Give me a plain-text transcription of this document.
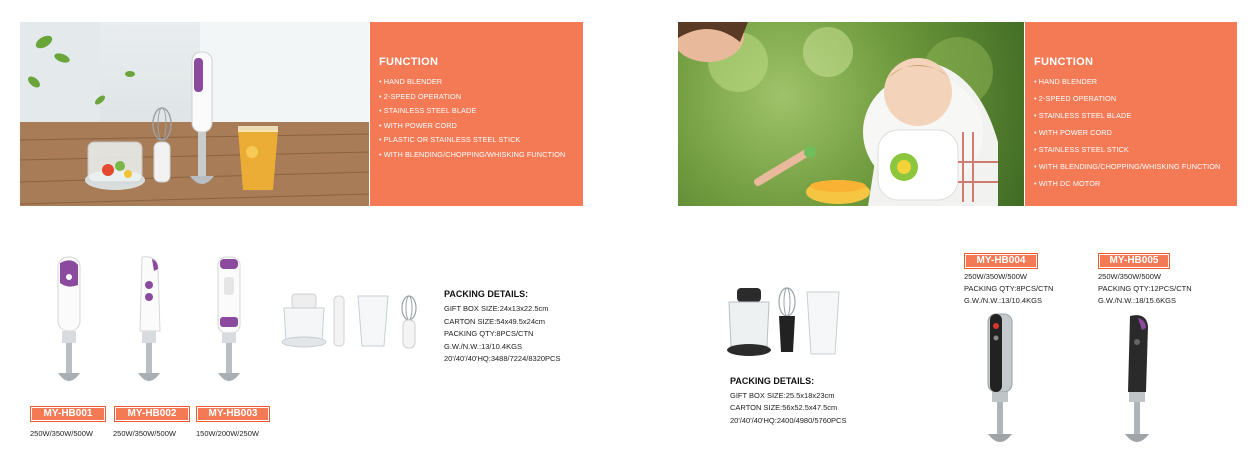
FUNCTION
• HAND BLENDER
• 2-SPEED OPERATION
• STAINLESS STEEL BLADE
• WITH POWER CORD
• PLASTIC OR STAINLESS STEEL STICK
• WITH BLENDING/CHOPPING/WHISKING FUNCTION
FUNCTION
• HAND BLENDER
• 2-SPEED OPERATION
• STAINLESS STEEL BLADE
• WITH POWER CORD
• STAINLESS STEEL STICK
• WITH BLENDING/CHOPPING/WHISKING FUNCTION
• WITH DC MOTOR
MY-HB001	MY-HB002	MY-HB003
250W/350W/500W	250W/350W/500W	150W/200W/250W
PACKING DETAILS:
GIFT BOX SIZE:24x13x22.5cm
CARTON SIZE:54x49.5x24cm
PACKING QTY:8PCS/CTN
G.W./N.W.:13/10.4KGS
20'/40'/40'HQ:3488/7224/8320PCS
PACKING DETAILS:
GIFT BOX SIZE:25.5x18x23cm
CARTON SIZE:56x52.5x47.5cm
20'/40'/40'HQ:2400/4980/5760PCS
MY-HB004
250W/350W/500W
PACKING QTY:8PCS/CTN
G.W./N.W.:13/10.4KGS
MY-HB005
250W/350W/500W
PACKING QTY:12PCS/CTN
G.W./N.W.:18/15.6KGS
